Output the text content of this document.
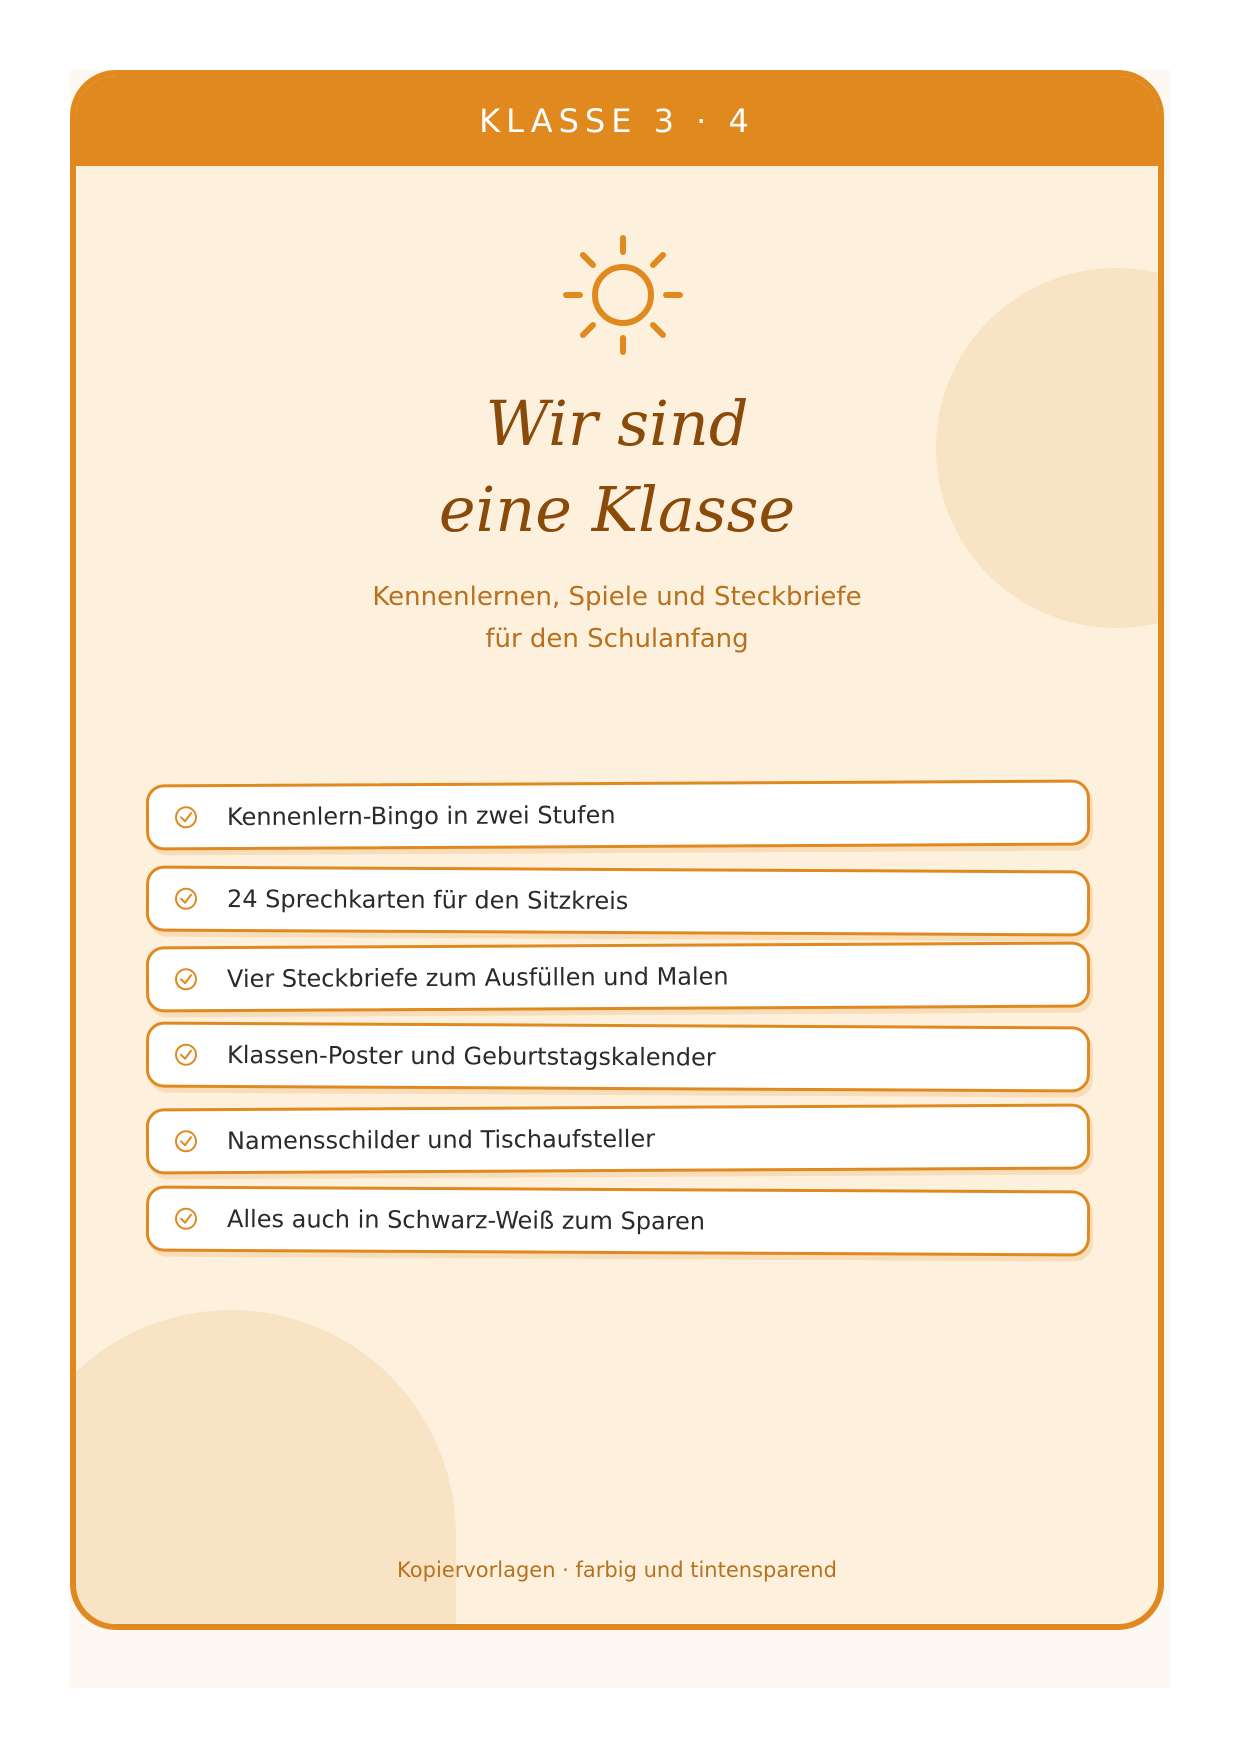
KLASSE 3 · 4
Wir sind
eine Klasse
Kennenlernen, Spiele und Steckbriefe
für den Schulanfang
Kennenlern-Bingo in zwei Stufen
24 Sprechkarten für den Sitzkreis
Vier Steckbriefe zum Ausfüllen und Malen
Klassen-Poster und Geburtstagskalender
Namensschilder und Tischaufsteller
Alles auch in Schwarz-Weiß zum Sparen
Kopiervorlagen · farbig und tintensparend
